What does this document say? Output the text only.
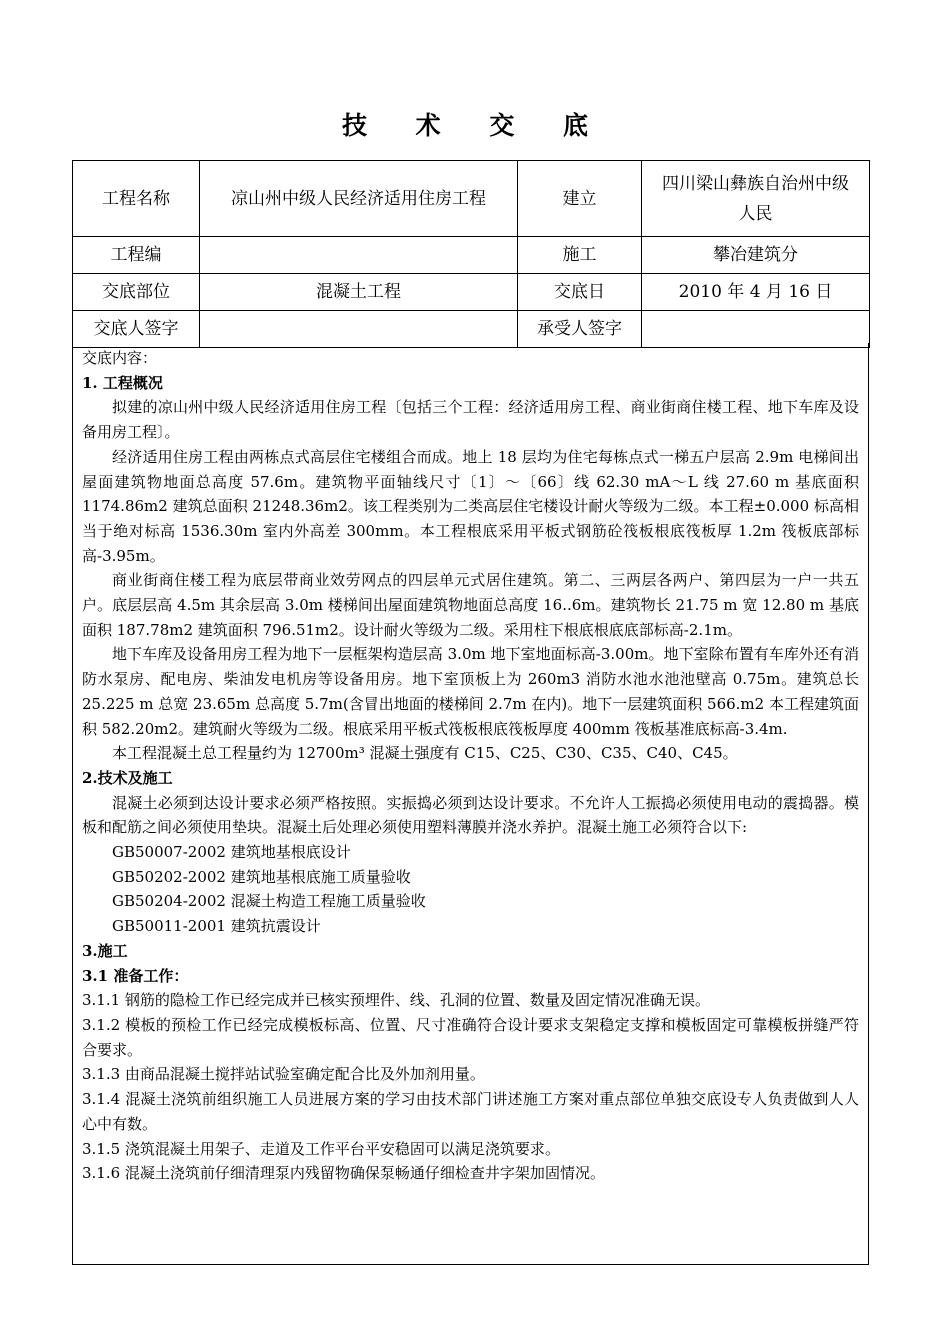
技 术 交 底
工程名称	凉山州中级人民经济适用住房工程	建立	四川梁山彝族自治州中级人民
工程编		施工	攀冶建筑分
交底部位	混凝土工程	交底日	2010 年 4 月 16 日
交底人签字		承受人签字	

交底内容：

1. 工程概况

拟建的凉山州中级人民经济适用住房工程〔包括三个工程：经济适用房工程、商业街商住楼工程、地下车库及设备用房工程〕。

经济适用住房工程由两栋点式高层住宅楼组合而成。地上 18 层均为住宅每栋点式一梯五户层高 2.9m 电梯间出屋面建筑物地面总高度 57.6m。建筑物平面轴线尺寸〔1〕～〔66〕线 62.30 mA～L 线 27.60 m 基底面积 1174.86m2 建筑总面积 21248.36m2。该工程类别为二类高层住宅楼设计耐火等级为二级。本工程±0.000 标高相当于绝对标高 1536.30m 室内外高差 300mm。本工程根底采用平板式钢筋砼筏板根底筏板厚 1.2m 筏板底部标高-3.95m。

商业街商住楼工程为底层带商业效劳网点的四层单元式居住建筑。第二、三两层各两户、第四层为一户一共五户。底层层高 4.5m 其余层高 3.0m 楼梯间出屋面建筑物地面总高度 16..6m。建筑物长 21.75 m 宽 12.80 m 基底面积 187.78m2 建筑面积 796.51m2。设计耐火等级为二级。采用柱下根底根底底部标高-2.1m。

地下车库及设备用房工程为地下一层框架构造层高 3.0m 地下室地面标高-3.00m。地下室除布置有车库外还有消防水泵房、配电房、柴油发电机房等设备用房。地下室顶板上为 260m3 消防水池水池池壁高 0.75m。建筑总长 25.225 m 总宽 23.65m 总高度 5.7m(含冒出地面的楼梯间 2.7m 在内)。地下一层建筑面积 566.m2 本工程建筑面积 582.20m2。建筑耐火等级为二级。根底采用平板式筏板根底筏板厚度 400mm 筏板基准底标高-3.4m.

本工程混凝土总工程量约为 12700m³ 混凝土强度有 C15、C25、C30、C35、C40、C45。

2.技术及施工

混凝土必须到达设计要求必须严格按照。实振捣必须到达设计要求。不允许人工振捣必须使用电动的震捣器。模板和配筋之间必须使用垫块。混凝土后处理必须使用塑料薄膜并浇水养护。混凝土施工必须符合以下:

GB50007-2002 建筑地基根底设计

GB50202-2002 建筑地基根底施工质量验收

GB50204-2002 混凝土构造工程施工质量验收

GB50011-2001 建筑抗震设计

3.施工

3.1 准备工作：

3.1.1 钢筋的隐检工作已经完成并已核实预埋件、线、孔洞的位置、数量及固定情况准确无误。

3.1.2 模板的预检工作已经完成模板标高、位置、尺寸准确符合设计要求支架稳定支撑和模板固定可靠模板拼缝严符合要求。

3.1.3 由商品混凝土搅拌站试验室确定配合比及外加剂用量。

3.1.4 混凝土浇筑前组织施工人员进展方案的学习由技术部门讲述施工方案对重点部位单独交底设专人负责做到人人心中有数。

3.1.5 浇筑混凝土用架子、走道及工作平台平安稳固可以满足浇筑要求。

3.1.6 混凝土浇筑前仔细清理泵内残留物确保泵畅通仔细检查井字架加固情况。
